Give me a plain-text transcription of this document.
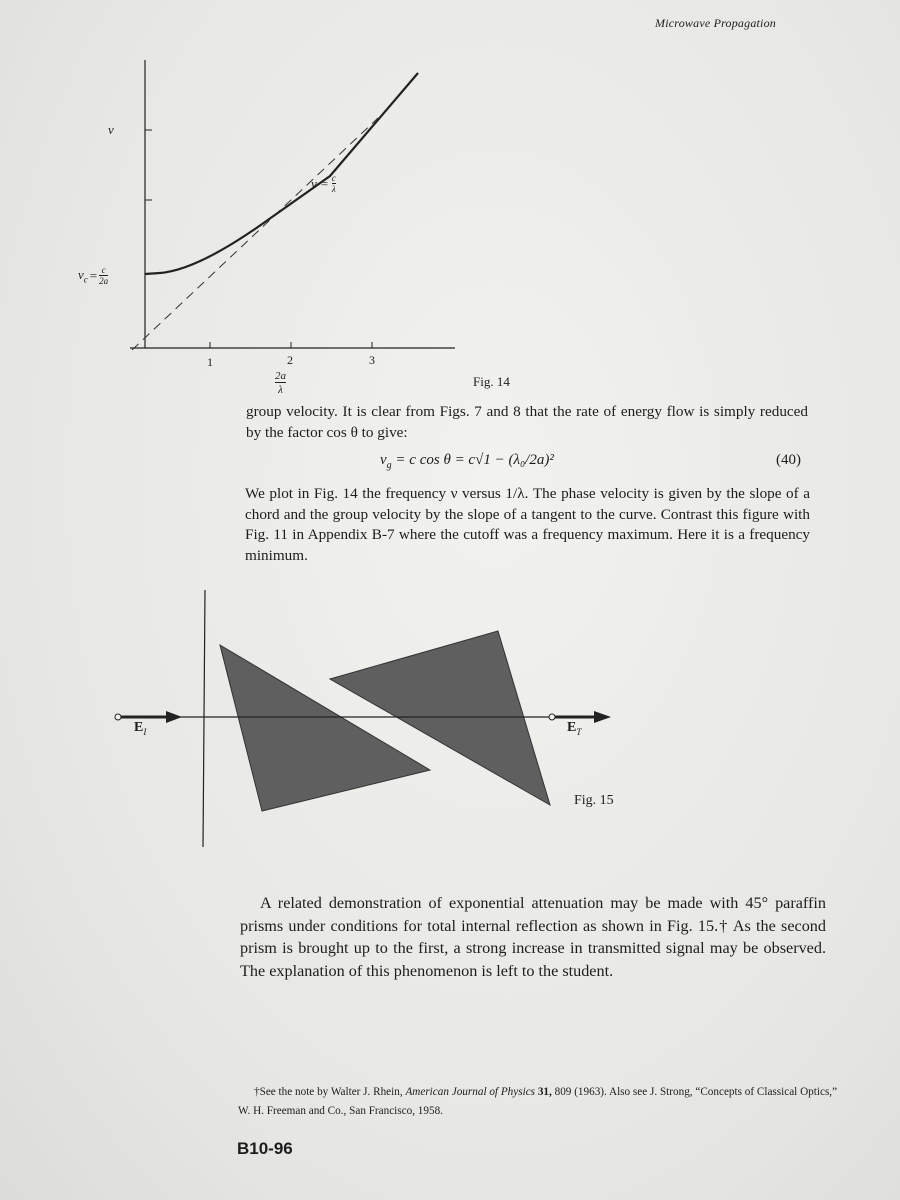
Microwave Propagation
1	2	3
ν
$\nu_c = \frac{c}{2a}$
$\nu = \frac{c}{\lambda}$
2a
λ
Fig. 14

group velocity. It is clear from Figs. 7 and 8 that the rate of energy flow is simply reduced by the factor cos θ to give:

$v_g = c$ cos θ = c√1 − (λ₀/2a)²	(40)

We plot in Fig. 14 the frequency ν versus 1/λ. The phase velocity is given by the slope of a chord and the group velocity by the slope of a tangent to the curve. Contrast this figure with Fig. 11 in Appendix B-7 where the cutoff was a frequency maximum. Here it is a frequency minimum.

$E_I$	$E_T$
Fig. 15

A related demonstration of exponential attenuation may be made with 45° paraffin prisms under conditions for total internal reflection as shown in Fig. 15.† As the second prism is brought up to the first, a strong increase in transmitted signal may be observed. The explanation of this phenomenon is left to the student.

†See the note by Walter J. Rhein, American Journal of Physics 31, 809 (1963). Also see J. Strong, “Concepts of Classical Optics,” W. H. Freeman and Co., San Francisco, 1958.

B10-96
